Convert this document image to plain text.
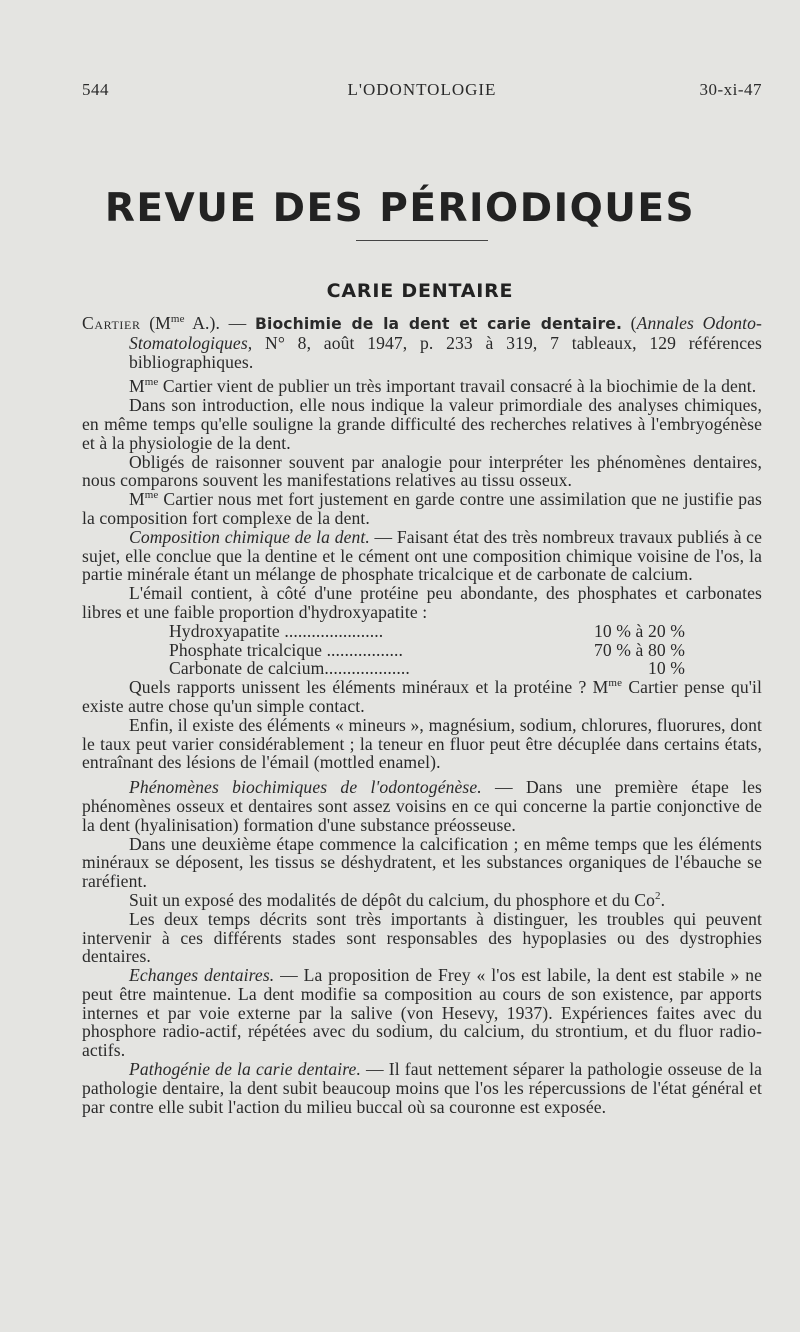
544	L'ODONTOLOGIE	30-xi-47
REVUE DES PÉRIODIQUES
CARIE DENTAIRE

Cartier ($M^{me}$ A.). — Biochimie de la dent et carie dentaire. (Annales Odonto-Stomatologiques, N° 8, août 1947, p. 233 à 319, 7 tableaux, 129 références bibliographiques.

$M^{me}$ Cartier vient de publier un très important travail consacré à la biochimie de la dent.

Dans son introduction, elle nous indique la valeur primordiale des analyses chimiques, en même temps qu'elle souligne la grande difficulté des recherches relatives à l'embryogénèse et à la physiologie de la dent.

Obligés de raisonner souvent par analogie pour interpréter les phénomènes dentaires, nous comparons souvent les manifestations relatives au tissu osseux.

$M^{me}$ Cartier nous met fort justement en garde contre une assimilation que ne justifie pas la composition fort complexe de la dent.

Composition chimique de la dent. — Faisant état des très nombreux travaux publiés à ce sujet, elle conclue que la dentine et le cément ont une composition chimique voisine de l'os, la partie minérale étant un mélange de phosphate tricalcique et de carbonate de calcium.

L'émail contient, à côté d'une protéine peu abondante, des phosphates et carbonates libres et une faible proportion d'hydroxyapatite :

Hydroxyapatite ......................	10 % à 20 %
Phosphate tricalcique .................	70 % à 80 %
Carbonate de calcium...................	10 %

Quels rapports unissent les éléments minéraux et la protéine ? $M^{me}$ Cartier pense qu'il existe autre chose qu'un simple contact.

Enfin, il existe des éléments « mineurs », magnésium, sodium, chlorures, fluorures, dont le taux peut varier considérablement ; la teneur en fluor peut être décuplée dans certains états, entraînant des lésions de l'émail (mottled enamel).

Phénomènes biochimiques de l'odontogénèse. — Dans une première étape les phénomènes osseux et dentaires sont assez voisins en ce qui concerne la partie conjonctive de la dent (hyalinisation) formation d'une substance préosseuse.

Dans une deuxième étape commence la calcification ; en même temps que les éléments minéraux se déposent, les tissus se déshydratent, et les substances organiques de l'ébauche se raréfient.

Suit un exposé des modalités de dépôt du calcium, du phosphore et du Co$^2$.

Les deux temps décrits sont très importants à distinguer, les troubles qui peuvent intervenir à ces différents stades sont responsables des hypoplasies ou des dystrophies dentaires.

Echanges dentaires. — La proposition de Frey « l'os est labile, la dent est stabile » ne peut être maintenue. La dent modifie sa composition au cours de son existence, par apports internes et par voie externe par la salive (von Hesevy, 1937). Expériences faites avec du phosphore radio-actif, répétées avec du sodium, du calcium, du strontium, et du fluor radio-actifs.

Pathogénie de la carie dentaire. — Il faut nettement séparer la pathologie osseuse de la pathologie dentaire, la dent subit beaucoup moins que l'os les répercussions de l'état général et par contre elle subit l'action du milieu buccal où sa couronne est exposée.
